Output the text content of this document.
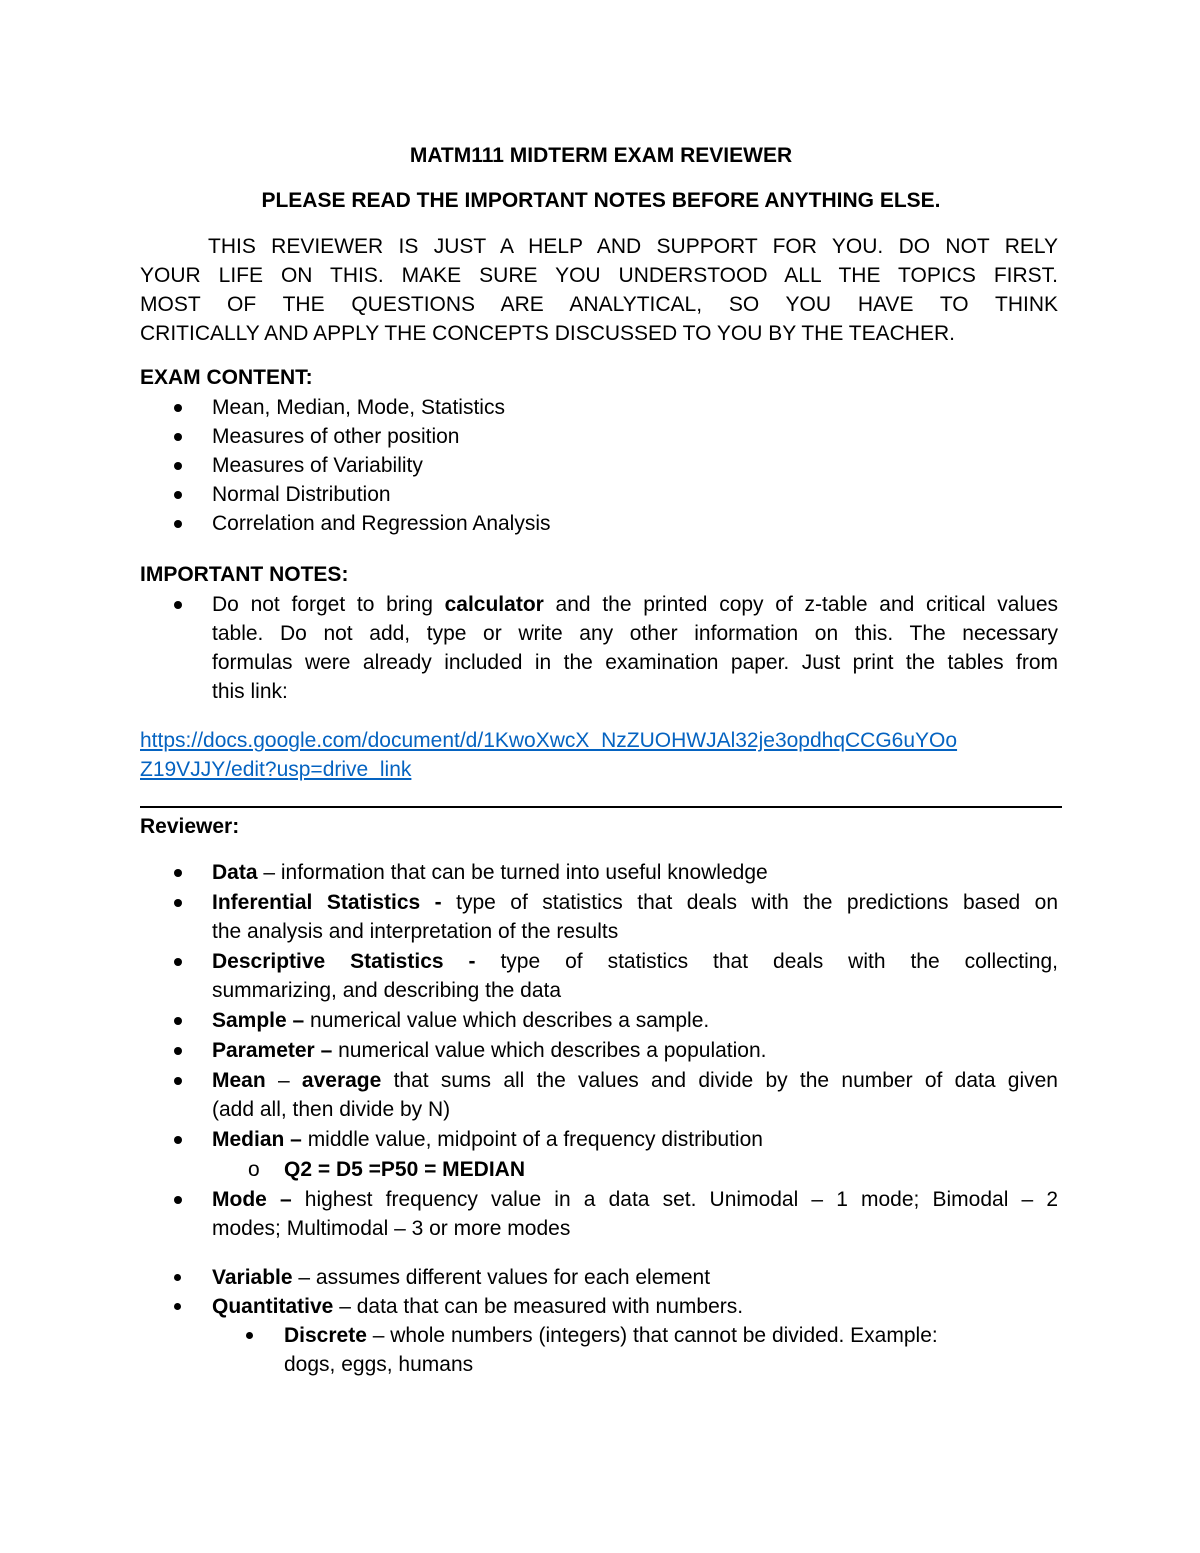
MATM111 MIDTERM EXAM REVIEWER
PLEASE READ THE IMPORTANT NOTES BEFORE ANYTHING ELSE.
THIS REVIEWER IS JUST A HELP AND SUPPORT FOR YOU. DO NOT RELY
YOUR LIFE ON THIS. MAKE SURE YOU UNDERSTOOD ALL THE TOPICS FIRST.
MOST OF THE QUESTIONS ARE ANALYTICAL, SO YOU HAVE TO THINK
CRITICALLY AND APPLY THE CONCEPTS DISCUSSED TO YOU BY THE TEACHER.
EXAM CONTENT:
Mean, Median, Mode, Statistics
Measures of other position
Measures of Variability
Normal Distribution
Correlation and Regression Analysis
IMPORTANT NOTES:
Do not forget to bring calculator and the printed copy of z-table and critical values
table. Do not add, type or write any other information on this. The necessary
formulas were already included in the examination paper. Just print the tables from
this link:
https://docs.google.com/document/d/1KwoXwcX_NzZUOHWJAl32je3opdhqCCG6uYOo
Z19VJJY/edit?usp=drive_link
Reviewer:
Data – information that can be turned into useful knowledge
Inferential Statistics - type of statistics that deals with the predictions based on
the analysis and interpretation of the results
Descriptive Statistics - type of statistics that deals with the collecting,
summarizing, and describing the data
Sample – numerical value which describes a sample.
Parameter – numerical value which describes a population.
Mean – average that sums all the values and divide by the number of data given
(add all, then divide by N)
Median – middle value, midpoint of a frequency distribution
o Q2 = D5 =P50 = MEDIAN
Mode – highest frequency value in a data set. Unimodal – 1 mode; Bimodal – 2
modes; Multimodal – 3 or more modes
Variable – assumes different values for each element
Quantitative – data that can be measured with numbers.
Discrete – whole numbers (integers) that cannot be divided. Example:
dogs, eggs, humans
